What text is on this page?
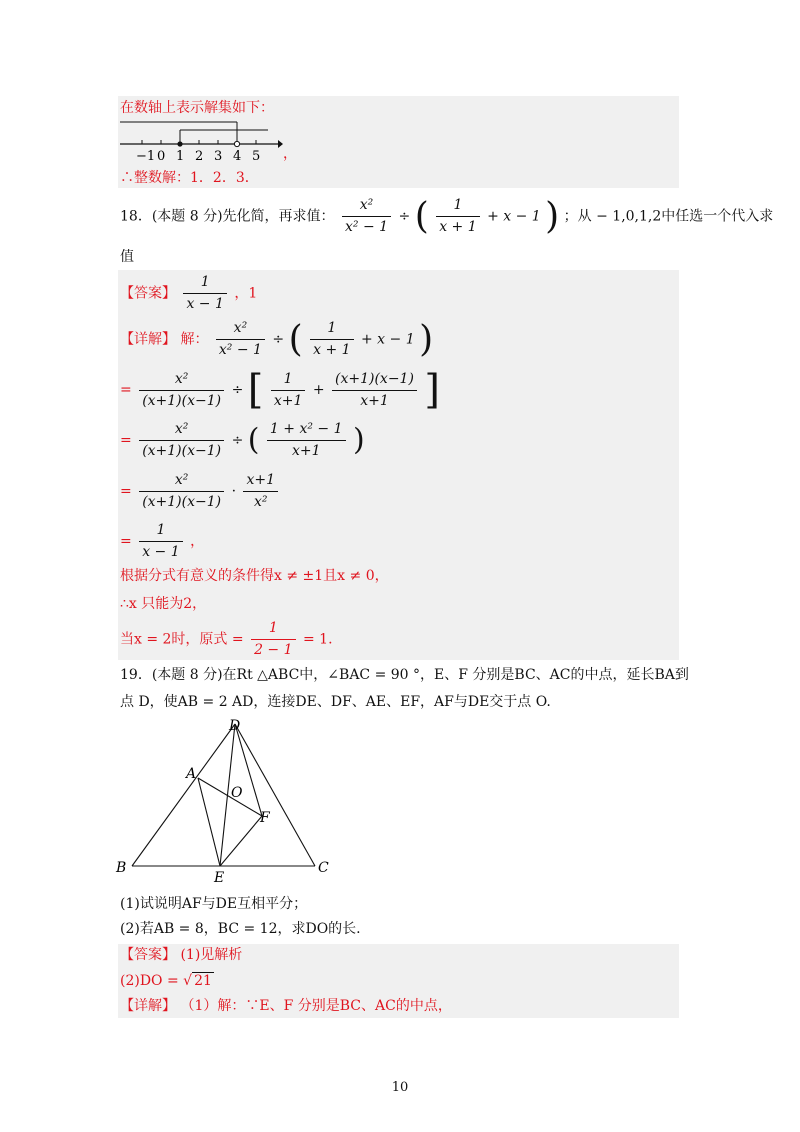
在数轴上表示解集如下：
−1 0 1 2 3 4 5 ，
∴整数解：1．2．3．
18．(本题 8 分)先化简，再求值： $\frac{\text{x²}}{\text{x² − 1}}$ ÷ ( $\frac{1}{x + 1} + x - 1$ ) ；从 − 1,0,1,2中任选一个代入求
值
【答案】 $\frac{1}{x - 1}$ ，1
【详解】 解： $\frac{\text{x²}}{\text{x² − 1}}$ ÷ ( $\frac{1}{x + 1} + x - 1$ )
= $\frac{\text{x²}}{(x+1)(x-1)}$ ÷ [ $\frac{1}{x+1} + \frac{(x+1)(x-1)}{x+1}$ ]
= $\frac{\text{x²}}{(x+1)(x-1)}$ ÷ ( $\frac{\text{1 + x² − 1}}{x+1}$ )
= $\frac{\text{x²}}{(x+1)(x-1)} \cdot \frac{x+1}{\text{x²}}$
= $\frac{1}{x - 1}$ ，
根据分式有意义的条件得x ≠ ±1且x ≠ 0，
∴x 只能为2，
当x = 2时，原式 = $\frac{1}{2 - 1} = 1$.
19．(本题 8 分)在Rt △ABC中，∠BAC = 90 °，E、F 分别是BC、AC的中点，延长BA到
点 D，使AB = 2 AD，连接DE、DF、AE、EF，AF与DE交于点 O.
D
A
O
F
B
E
C
(1)试说明AF与DE互相平分；
(2)若AB = 8，BC = 12，求DO的长.
【答案】 (1)见解析
(2)DO = √ 21
【详解】 （1）解：∵E、F 分别是BC、AC的中点，
10
